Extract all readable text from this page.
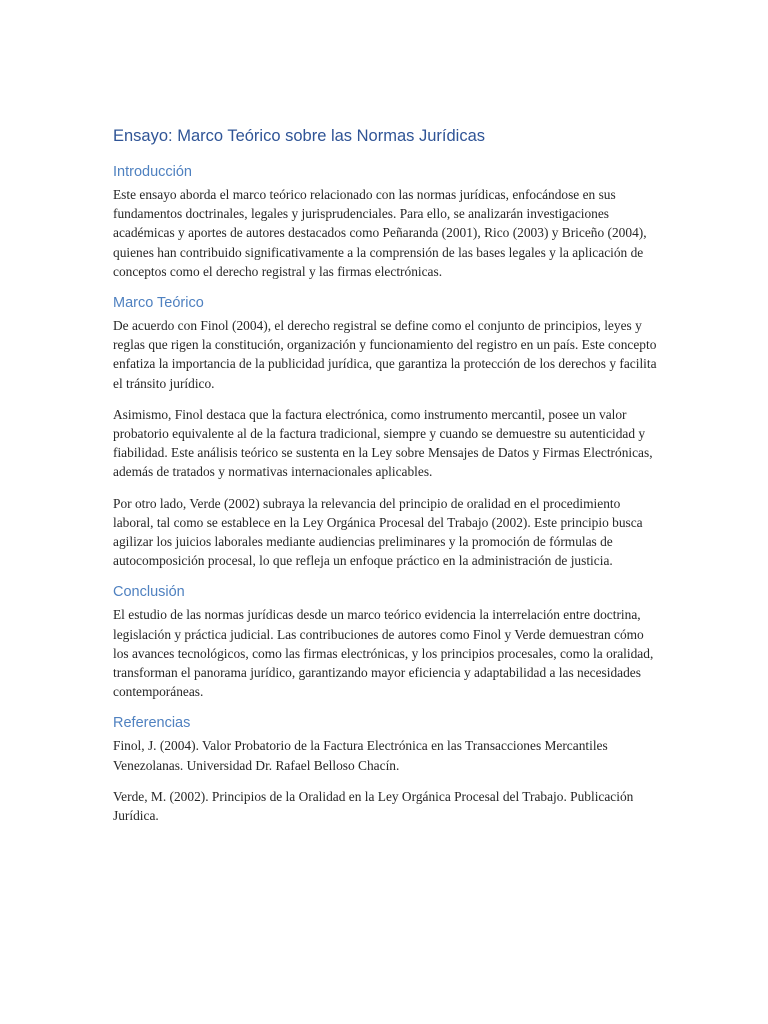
Ensayo: Marco Teórico sobre las Normas Jurídicas
Introducción

Este ensayo aborda el marco teórico relacionado con las normas jurídicas, enfocándose en sus fundamentos doctrinales, legales y jurisprudenciales. Para ello, se analizarán investigaciones académicas y aportes de autores destacados como Peñaranda (2001), Rico (2003) y Briceño (2004), quienes han contribuido significativamente a la comprensión de las bases legales y la aplicación de conceptos como el derecho registral y las firmas electrónicas.

Marco Teórico

De acuerdo con Finol (2004), el derecho registral se define como el conjunto de principios, leyes y reglas que rigen la constitución, organización y funcionamiento del registro en un país. Este concepto enfatiza la importancia de la publicidad jurídica, que garantiza la protección de los derechos y facilita el tránsito jurídico.

Asimismo, Finol destaca que la factura electrónica, como instrumento mercantil, posee un valor probatorio equivalente al de la factura tradicional, siempre y cuando se demuestre su autenticidad y fiabilidad. Este análisis teórico se sustenta en la Ley sobre Mensajes de Datos y Firmas Electrónicas, además de tratados y normativas internacionales aplicables.

Por otro lado, Verde (2002) subraya la relevancia del principio de oralidad en el procedimiento laboral, tal como se establece en la Ley Orgánica Procesal del Trabajo (2002). Este principio busca agilizar los juicios laborales mediante audiencias preliminares y la promoción de fórmulas de autocomposición procesal, lo que refleja un enfoque práctico en la administración de justicia.

Conclusión

El estudio de las normas jurídicas desde un marco teórico evidencia la interrelación entre doctrina, legislación y práctica judicial. Las contribuciones de autores como Finol y Verde demuestran cómo los avances tecnológicos, como las firmas electrónicas, y los principios procesales, como la oralidad, transforman el panorama jurídico, garantizando mayor eficiencia y adaptabilidad a las necesidades contemporáneas.

Referencias

Finol, J. (2004). Valor Probatorio de la Factura Electrónica en las Transacciones Mercantiles Venezolanas. Universidad Dr. Rafael Belloso Chacín.

Verde, M. (2002). Principios de la Oralidad en la Ley Orgánica Procesal del Trabajo. Publicación Jurídica.
